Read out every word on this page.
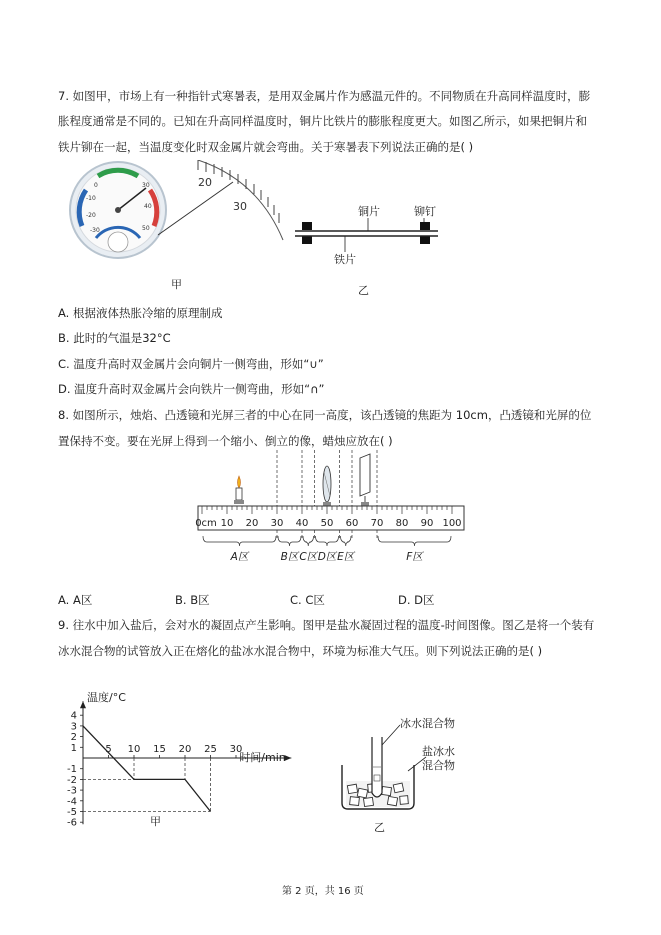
7. 如图甲，市场上有一种指针式寒暑表，是用双金属片作为感温元件的。不同物质在升高同样温度时，膨
胀程度通常是不同的。已知在升高同样温度时，铜片比铁片的膨胀程度更大。如图乙所示，如果把铜片和
铁片铆在一起，当温度变化时双金属片就会弯曲。关于寒暑表下列说法正确的是( )
-10
-20
-30
0	30
40
50
甲
20
30	铜片	铆钉
铁片
乙
A. 根据液体热胀冷缩的原理制成
B. 此时的气温是32°C
C. 温度升高时双金属片会向铜片一侧弯曲，形如“∪”
D. 温度升高时双金属片会向铁片一侧弯曲，形如“∩”
8. 如图所示，烛焰、凸透镜和光屏三者的中心在同一高度，该凸透镜的焦距为 10cm，凸透镜和光屏的位
置保持不变。要在光屏上得到一个缩小、倒立的像，蜡烛应放在( )
0cm 10 20 30 40 50 60 70 80 90 100
A区	B区 C区 D区 E区	F区
A. A区	B. B区	C. C区	D. D区
9. 往水中加入盐后，会对水的凝固点产生影响。图甲是盐水凝固过程的温度-时间图像。图乙是将一个装有
冰水混合物的试管放入正在熔化的盐冰水混合物中，环境为标准大气压。则下列说法正确的是( )
4
3
2
1
-1
-2
-3
-4
-5
-6
5 10 15 20 25 30
温度/°C
时间/min
甲
冰水混合物
盐冰水
混合物
乙
第 2 页，共 16 页
